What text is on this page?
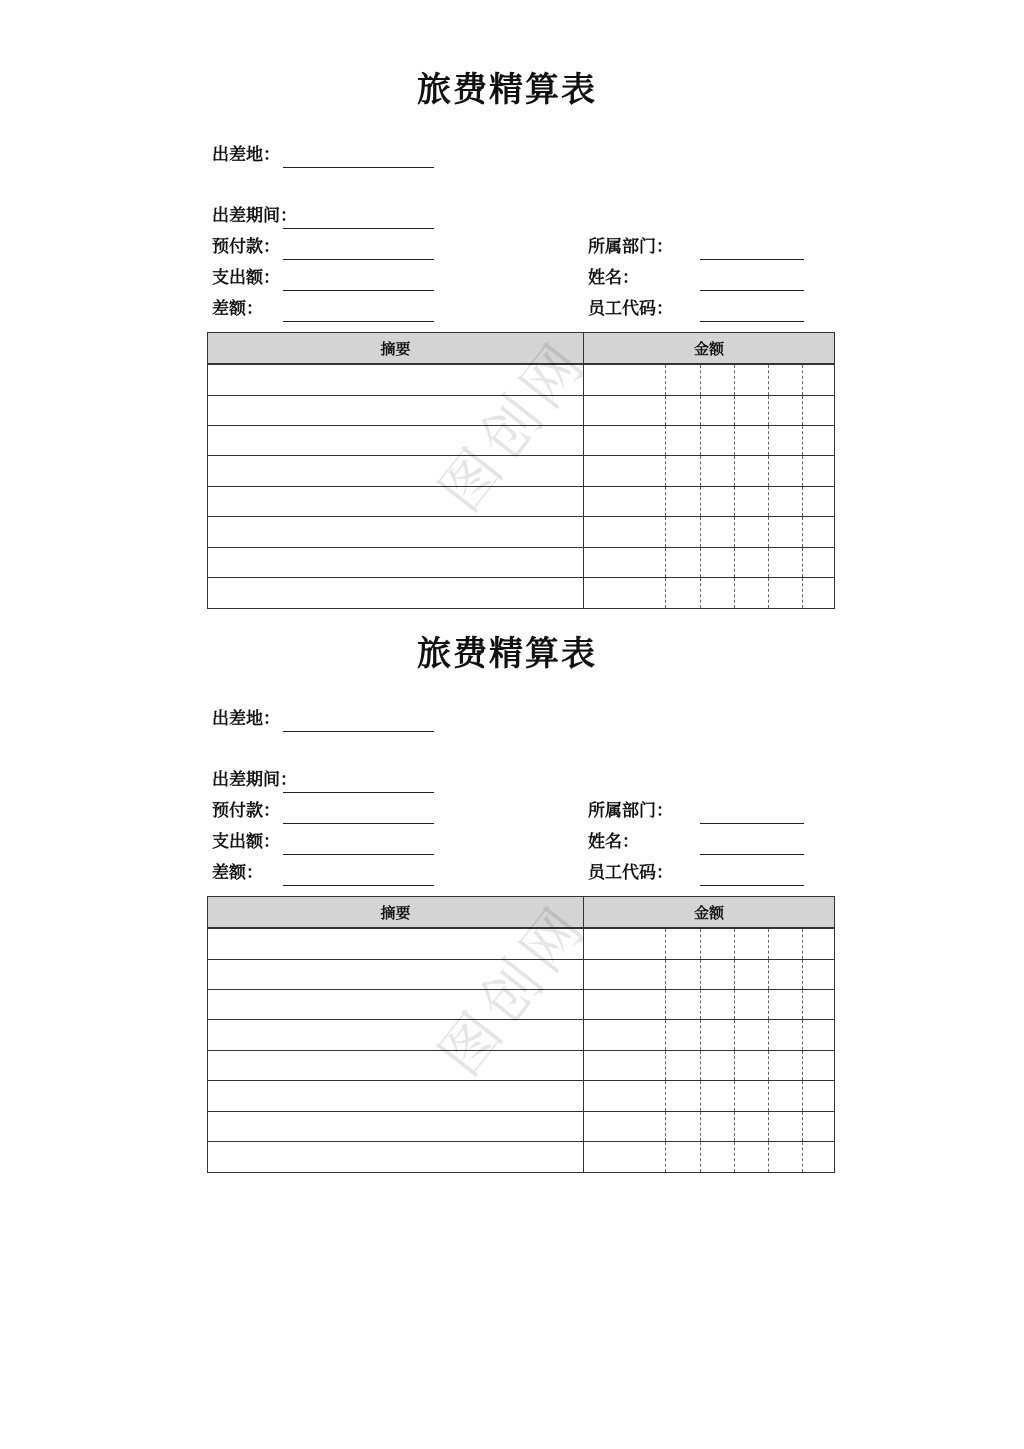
旅费精算表
出差地：
出差期间：
预付款：
支出额：
差额：
所属部门：
姓名：
员工代码：
摘要	金额					

图创网
旅费精算表
出差地：
出差期间：
预付款：
支出额：
差额：
所属部门：
姓名：
员工代码：
摘要	金额					

图创网
